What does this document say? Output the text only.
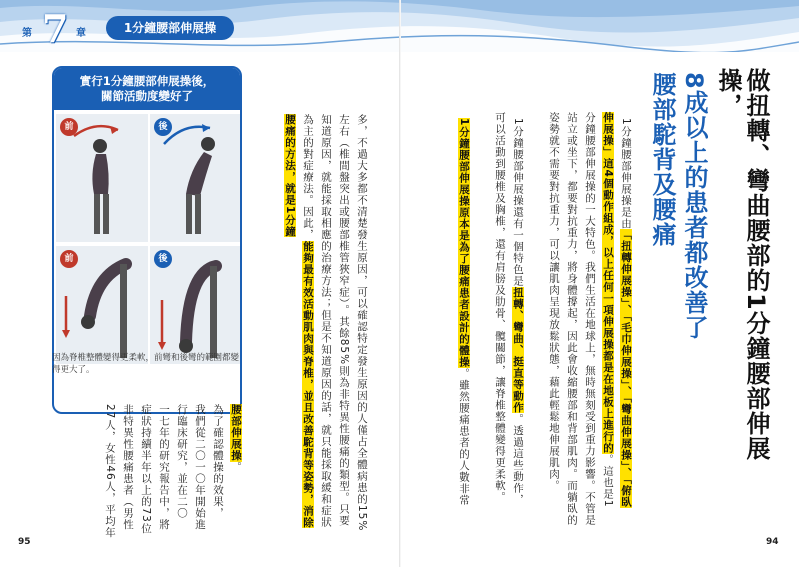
第 7 章	1分鐘腰部伸展操
實行1分鐘腰部伸展操後，
關節活動度變好了
前	後
前	後
因為脊椎整體變得更柔軟，前彎和後彎的範圍都變得更大了。	多，不過大多都不清楚發生原因，可以確認特定發生原因的人僅占全體病患的15%
左右（椎間盤突出或腰部椎管狹窄症）。其餘85%則為非特異性腰痛的類型。只要
知道原因，就能採取相應的治療方法；但是不知道原因的話，就只能採取緩和症狀
為主的對症療法。因此，能夠最有效活動肌肉與脊椎，並且改善駝背等姿勢，消除
腰痛的方法，就是1分鐘
腰部伸展操。
為了確認體操的效果，
我們從二〇一〇年開始進
行臨床研究，並在二〇
一七年的研究報告中，將
症狀持續半年以上的73位
非特異性腰痛患者（男性
27人，女性46人，平均年
95
做扭轉、彎曲腰部的1分鐘腰部伸展操，
8成以上的患者都改善了
腰部駝背及腰痛
1分鐘腰部伸展操是由「扭轉伸展操」、「毛巾伸展操」、「彎曲伸展操」、「俯臥
伸展操」這4個動作組成，以上任何一項伸展操都是在地板上進行的。這也是1
分鐘腰部伸展操的一大特色。我們生活在地球上，無時無刻受到重力影響。不管是
站立或坐下，都要對抗重力，將身體撐起，因此會收縮腰部和背部肌肉。而躺臥的
姿勢就不需要對抗重力，可以讓肌肉呈現放鬆狀態，藉此輕鬆地伸展肌肉。
1分鐘腰部伸展操還有一個特色是扭轉、彎曲、挺直等動作。透過這些動作，
可以活動到腰椎及胸椎，還有肩膀及肋骨、髖關節，讓脊椎整體變得更柔軟。
1分鐘腰部伸展操原本是為了腰痛患者設計的體操。雖然腰痛患者的人數非常
94
